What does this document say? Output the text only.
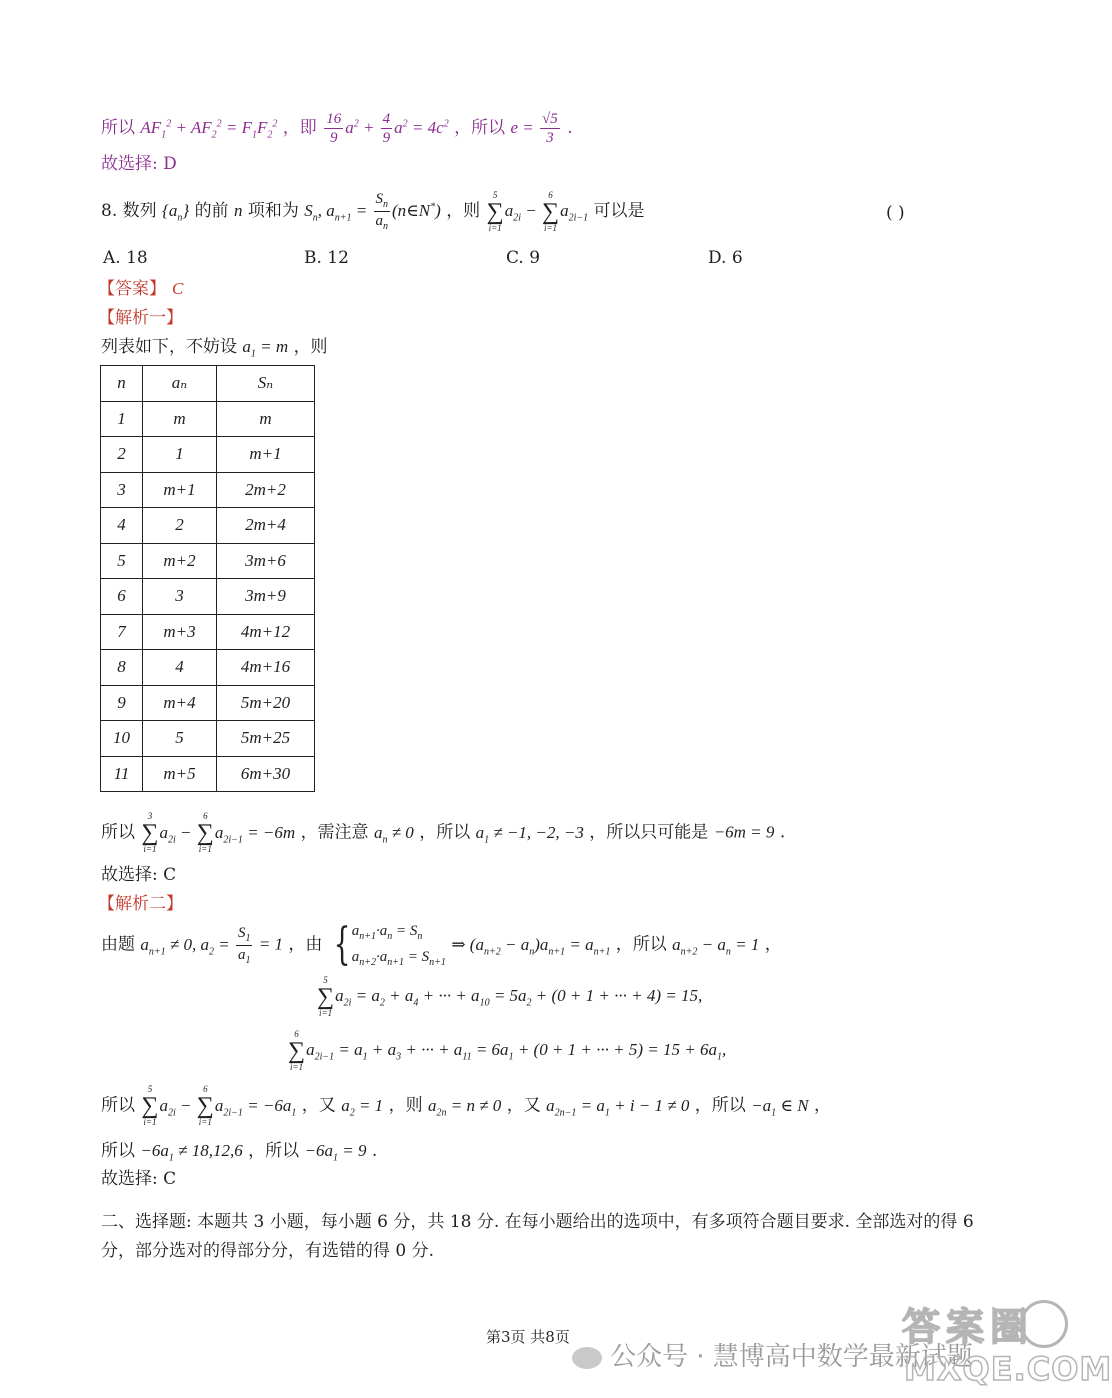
所以 $AF_1^2 + AF_2^2 = F_1F_2^2$ ，即 $\frac{16}{9} a^2 + \frac{4}{9} a^2 = 4c^2$ ，所以 $e = \frac{√5}{3}$ .
故选择: D
8. 数列 $\{a_n\}$ 的前 n 项和为 $S_n$, $a_{n+1} = \frac{S_n}{a_n}$ (n∈N*) ，则
5
∑
i=1
$a_{2i}$ −
6
∑
i=1
$a_{2i-1}$ 可以是	( )
A. 18	B. 12	C. 9	D. 6
【答案】 C
【解析一】
列表如下，不妨设 $a_1 = m$ ，则
n	aₙ	Sₙ
1	m	m
2	1	m+1
3	m+1	2m+2
4	2	2m+4
5	m+2	3m+6
6	3	3m+9
7	m+3	4m+12
8	4	4m+16
9	m+4	5m+20
10	5	5m+25
11	m+5	6m+30
所以
3
∑
i=1
$a_{2i}$ −
6
∑
i=1
$a_{2i-1} = -6m$ ，需注意 $a_n \ne 0$ ，所以 $a_1 \ne -1$, −2, −3 ，所以只可能是 −6m = 9 .
故选择: C
【解析二】
由题 $a_{n+1} \ne 0$, $a_2 = \frac{S_1}{a_1} = 1$ ，由 { $a_{n+1}\cdot a_n = S_n$
$a_{n+2}\cdot a_{n+1} = S_{n+1}$
⇒ $(a_{n+2} - a_n)a_{n+1} = a_{n+1}$ ，所以 $a_{n+2} - a_n = 1$ ，
5
∑
i=1
$a_{2i} = a_2 + a_4$ + ··· + $a_{10} = 5a_2 + (0 + 1$ + ··· + 4) = 15,
6
∑
i=1
$a_{2i-1} = a_1 + a_3$ + ··· + $a_{11} = 6a_1 + (0 + 1$ + ··· + $5) = 15 + 6a_1$,
所以
5
∑
i=1
$a_{2i}$ −
6
∑
i=1
$a_{2i-1} = -6a_1$ ，又 $a_2 = 1$ ，则 $a_{2n} = n \ne 0$ ，又 $a_{2n-1} = a_1 + i - 1 \ne 0$ ，所以 $-a_1$ ∈ N ，
所以 $-6a_1 \ne 18,12,6$ ，所以 $-6a_1 = 9$ .
故选择: C
二、选择题: 本题共 3 小题，每小题 6 分，共 18 分. 在每小题给出的选项中，有多项符合题目要求. 全部选对的得 6
分，部分选对的得部分分，有选错的得 0 分.
第3页 共8页
公众号 · 慧博高中数学最新试题
答案圈
MXQE.COM
